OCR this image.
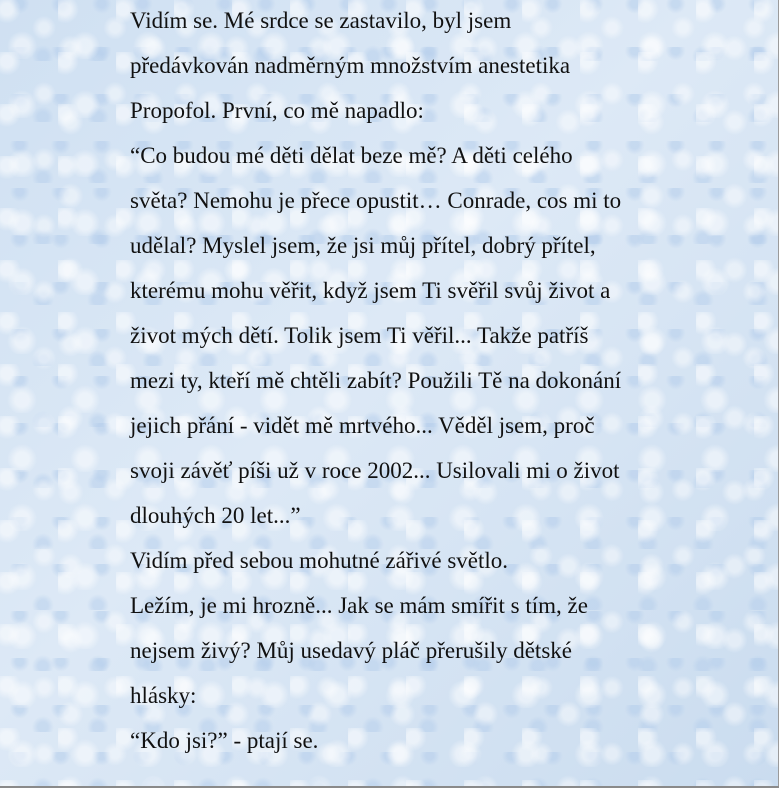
Vidím se. Mé srdce se zastavilo, byl jsem
předávkován nadměrným množstvím anestetika
Propofol. První, co mě napadlo:
“Co budou mé děti dělat beze mě? A děti celého
světa? Nemohu je přece opustit… Conrade, cos mi to
udělal? Myslel jsem, že jsi můj přítel, dobrý přítel,
kterému mohu věřit, když jsem Ti svěřil svůj život a
život mých dětí. Tolik jsem Ti věřil... Takže patříš
mezi ty, kteří mě chtěli zabít? Použili Tě na dokonání
jejich přání - vidět mě mrtvého... Věděl jsem, proč
svoji závěť píši už v roce 2002... Usilovali mi o život
dlouhých 20 let...”
Vidím před sebou mohutné zářivé světlo.
Ležím, je mi hrozně... Jak se mám smířit s tím, že
nejsem živý? Můj usedavý pláč přerušily dětské
hlásky:
“Kdo jsi?” - ptají se.
